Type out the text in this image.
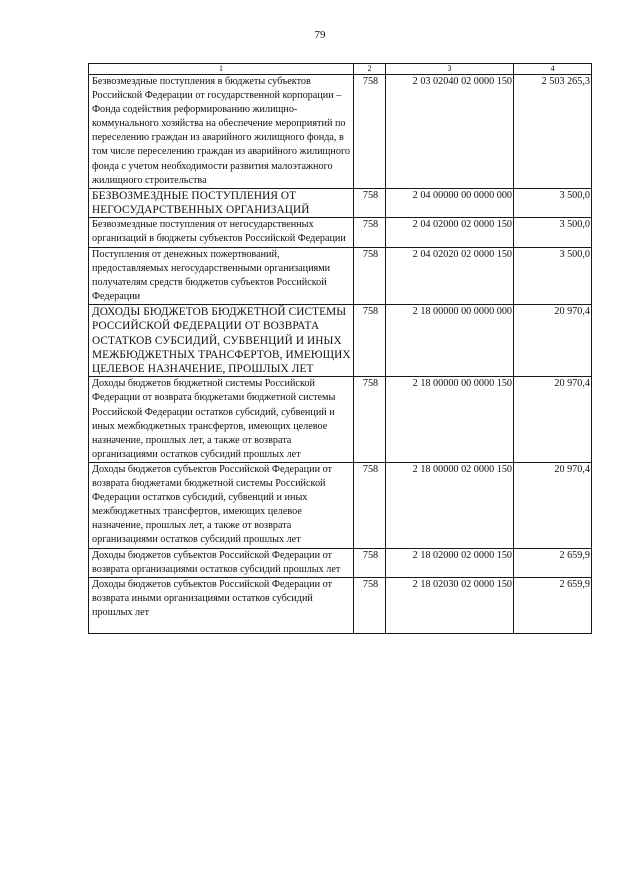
79
1	2	3	4
Безвозмездные поступления в бюджеты субъектов Российской Федерации от государственной корпорации – Фонда содействия реформированию жилищно-коммунального хозяйства на обеспечение мероприятий по переселению граждан из аварийного жилищного фонда, в том числе переселению граждан из аварийного жилищного фонда с учетом необходимости развития малоэтажного жилищного строительства	758	2 03 02040 02 0000 150	2 503 265,3
БЕЗВОЗМЕЗДНЫЕ ПОСТУПЛЕНИЯ ОТ НЕГОСУДАРСТВЕННЫХ ОРГАНИЗАЦИЙ	758	2 04 00000 00 0000 000	3 500,0
Безвозмездные поступления от негосударственных организаций в бюджеты субъектов Российской Федерации	758	2 04 02000 02 0000 150	3 500,0
Поступления от денежных пожертвований, предоставляемых негосударственными организациями получателям средств бюджетов субъектов Российской Федерации	758	2 04 02020 02 0000 150	3 500,0
ДОХОДЫ БЮДЖЕТОВ БЮДЖЕТНОЙ СИСТЕМЫ РОССИЙСКОЙ ФЕДЕРАЦИИ ОТ ВОЗВРАТА ОСТАТКОВ СУБСИДИЙ, СУБВЕНЦИЙ И ИНЫХ МЕЖБЮДЖЕТНЫХ ТРАНСФЕРТОВ, ИМЕЮЩИХ ЦЕЛЕВОЕ НАЗНАЧЕНИЕ, ПРОШЛЫХ ЛЕТ	758	2 18 00000 00 0000 000	20 970,4
Доходы бюджетов бюджетной системы Российской Федерации от возврата бюджетами бюджетной системы Российской Федерации остатков субсидий, субвенций и иных межбюджетных трансфертов, имеющих целевое назначение, прошлых лет, а также от возврата организациями остатков субсидий прошлых лет	758	2 18 00000 00 0000 150	20 970,4
Доходы бюджетов субъектов Российской Федерации от возврата бюджетами бюджетной системы Российской Федерации остатков субсидий, субвенций и иных межбюджетных трансфертов, имеющих целевое назначение, прошлых лет, а также от возврата организациями остатков субсидий прошлых лет	758	2 18 00000 02 0000 150	20 970,4
Доходы бюджетов субъектов Российской Федерации от возврата организациями остатков субсидий прошлых лет	758	2 18 02000 02 0000 150	2 659,9
Доходы бюджетов субъектов Российской Федерации от возврата иными организациями остатков субсидий прошлых лет	758	2 18 02030 02 0000 150	2 659,9
